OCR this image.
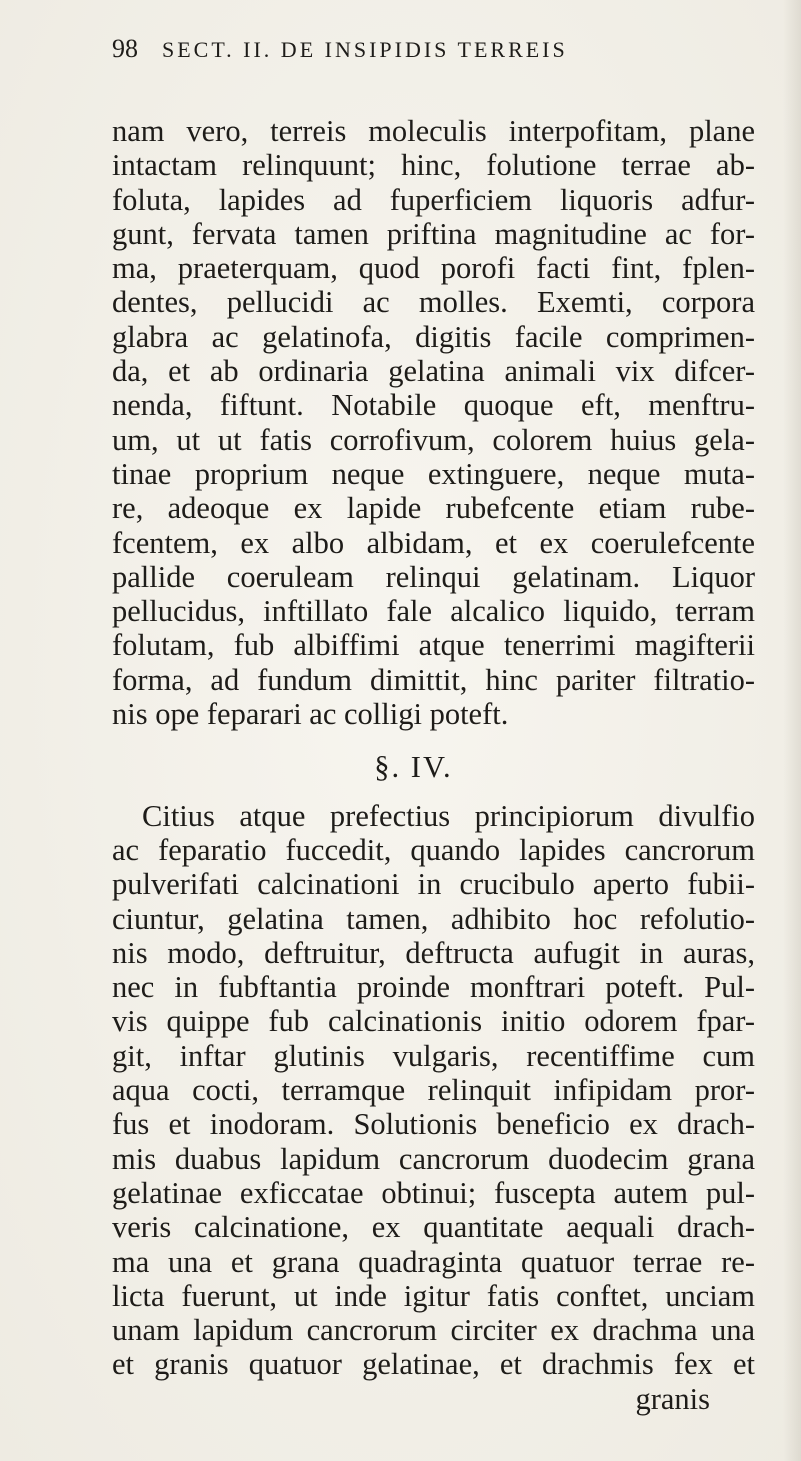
98 SECT. II. DE INSIPIDIS TERREIS
nam vero, terreis moleculis interpofitam, plane
intactam relinquunt; hinc, folutione terrae ab-
foluta, lapides ad fuperficiem liquoris adfur-
gunt, fervata tamen priftina magnitudine ac for-
ma, praeterquam, quod porofi facti fint, fplen-
dentes, pellucidi ac molles. Exemti, corpora
glabra ac gelatinofa, digitis facile comprimen-
da, et ab ordinaria gelatina animali vix difcer-
nenda, fiftunt. Notabile quoque eft, menftru-
um, ut ut fatis corrofivum, colorem huius gela-
tinae proprium neque extinguere, neque muta-
re, adeoque ex lapide rubefcente etiam rube-
fcentem, ex albo albidam, et ex coerulefcente
pallide coeruleam relinqui gelatinam. Liquor
pellucidus, inftillato fale alcalico liquido, terram
folutam, fub albiffimi atque tenerrimi magifterii
forma, ad fundum dimittit, hinc pariter filtratio-
nis ope feparari ac colligi poteft.
§. IV.
Citius atque prefectius principiorum divulfio
ac feparatio fuccedit, quando lapides cancrorum
pulverifati calcinationi in crucibulo aperto fubii-
ciuntur, gelatina tamen, adhibito hoc refolutio-
nis modo, deftruitur, deftructa aufugit in auras,
nec in fubftantia proinde monftrari poteft. Pul-
vis quippe fub calcinationis initio odorem fpar-
git, inftar glutinis vulgaris, recentiffime cum
aqua cocti, terramque relinquit infipidam pror-
fus et inodoram. Solutionis beneficio ex drach-
mis duabus lapidum cancrorum duodecim grana
gelatinae exficcatae obtinui; fuscepta autem pul-
veris calcinatione, ex quantitate aequali drach-
ma una et grana quadraginta quatuor terrae re-
licta fuerunt, ut inde igitur fatis conftet, unciam
unam lapidum cancrorum circiter ex drachma una
et granis quatuor gelatinae, et drachmis fex et
granis
